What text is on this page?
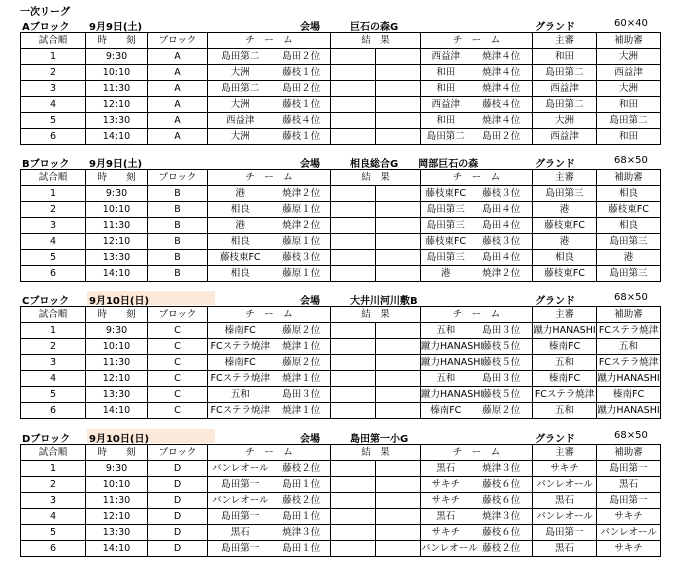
一次リーグ
Aブロック 9月9日(土)	会場	巨石の森G	グランド	60×40
試合順	時　　刻	ブロック	チ　ー　ム		結　果		チ　ー　ム		主審	補助審
1	9:30	A	島田第二	島田２位			西益津	焼津４位	和田	大洲
2	10:10	A	大洲	藤枝１位			和田	焼津４位	島田第二	西益津
3	11:30	A	島田第二	島田２位			和田	焼津４位	西益津	大洲
4	12:10	A	大洲	藤枝１位			西益津	藤枝４位	島田第二	和田
5	13:30	A	西益津	藤枝４位			和田	焼津４位	大洲	島田第二
6	14:10	A	大洲	藤枝１位			島田第二	島田２位	西益津	和田
Bブロック 9月9日(土)	会場	相良総合G　　岡部巨石の森	グランド	68×50
試合順	時　　刻	ブロック	チ　ー　ム		結　果		チ　ー　ム		主審	補助審
1	9:30	B	港	焼津２位			藤枝東FC	藤枝３位	島田第三	相良
2	10:10	B	相良	藤原１位			島田第三	島田４位	港	藤枝東FC
3	11:30	B	港	焼津２位			島田第三	島田４位	藤枝東FC	相良
4	12:10	B	相良	藤原１位			藤枝東FC	藤枝３位	港	島田第三
5	13:30	B	藤枝東FC	藤枝３位			島田第三	島田４位	相良	港
6	14:10	B	相良	藤原１位			港	焼津２位	藤枝東FC	島田第三
Cブロック 9月10日(日)	会場	大井川河川敷B	グランド	68×50
試合順	時　　刻	ブロック	チ　ー　ム		結　果		チ　ー　ム		主審	補助審
1	9:30	C	榛南FC	藤原２位			五和	島田３位	蹴力HANASHI	FCステラ焼津
2	10:10	C	FCステラ焼津	焼津１位			蹴力HANASHI	藤枝５位	榛南FC	五和
3	11:30	C	榛南FC	藤原２位			蹴力HANASHI	藤枝５位	五和	FCステラ焼津
4	12:10	C	FCステラ焼津	焼津１位			五和	島田３位	榛南FC	蹴力HANASHI
5	13:30	C	五和	島田３位			蹴力HANASHI	藤枝５位	FCステラ焼津	榛南FC
6	14:10	C	FCステラ焼津	焼津１位			榛南FC	藤原２位	五和	蹴力HANASHI
Dブロック 9月10日(日)	会場	島田第一小G	グランド	68×50
試合順	時　　刻	ブロック	チ　ー　ム		結　果		チ　ー　ム		主審	補助審
1	9:30	D	バンレオール	藤枝２位			黒石	焼津３位	サキチ	島田第一
2	10:10	D	島田第一	島田１位			サキチ	藤枝６位	バンレオール	黒石
3	11:30	D	バンレオール	藤枝２位			サキチ	藤枝６位	黒石	島田第一
4	12:10	D	島田第一	島田１位			黒石	焼津３位	バンレオール	サキチ
5	13:30	D	黒石	焼津３位			サキチ	藤枝６位	島田第一	バンレオール
6	14:10	D	島田第一	島田１位			バンレオール	藤枝２位	黒石	サキチ
